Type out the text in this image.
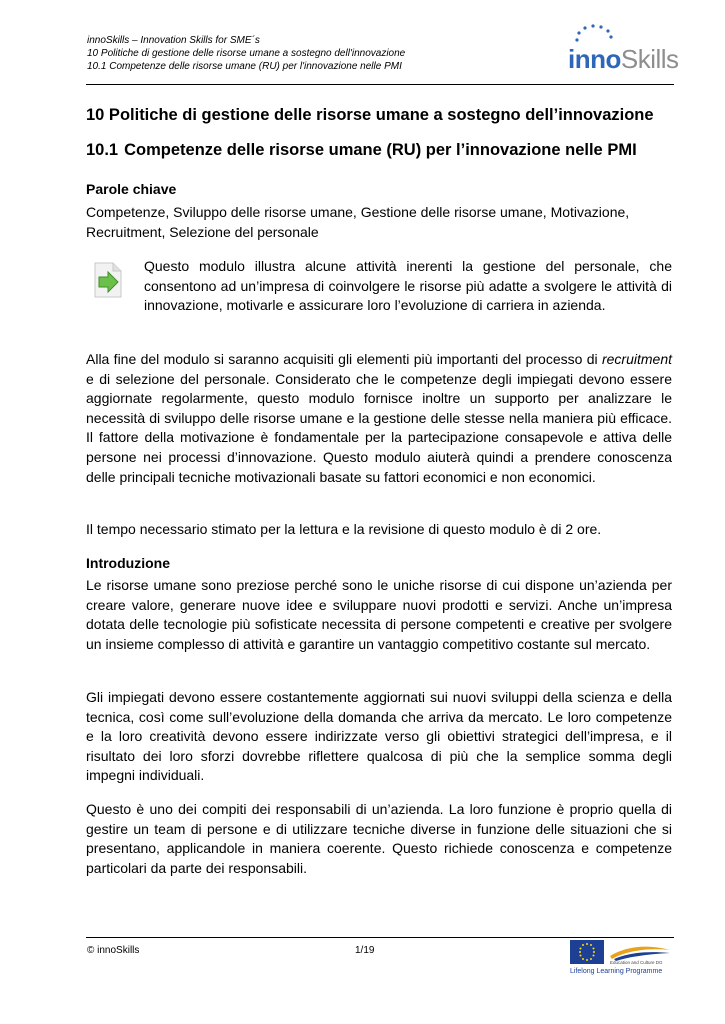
innoSkills – Innovation Skills for SME´s
10 Politiche di gestione delle risorse umane a sostegno dell'innovazione
10.1 Competenze delle risorse umane (RU) per l'innovazione nelle PMI	innoSkills
10 Politiche di gestione delle risorse umane a sostegno dell’innovazione
10.1 Competenze delle risorse umane (RU) per l’innovazione nelle PMI
Parole chiave
Competenze, Sviluppo delle risorse umane, Gestione delle risorse umane, Motivazione, Recruitment, Selezione del personale
Questo modulo illustra alcune attività inerenti la gestione del personale, che consentono ad un’impresa di coinvolgere le risorse più adatte a svolgere le attività di innovazione, motivarle e assicurare loro l’evoluzione di carriera in azienda.
Alla fine del modulo si saranno acquisiti gli elementi più importanti del processo di recruitment e di selezione del personale. Considerato che le competenze degli impiegati devono essere aggiornate regolarmente, questo modulo fornisce inoltre un supporto per analizzare le necessità di sviluppo delle risorse umane e la gestione delle stesse nella maniera più efficace. Il fattore della motivazione è fondamentale per la partecipazione consapevole e attiva delle persone nei processi d’innovazione. Questo modulo aiuterà quindi a prendere conoscenza delle principali tecniche motivazionali basate su fattori economici e non economici.
Il tempo necessario stimato per la lettura e la revisione di questo modulo è di 2 ore.
Introduzione
Le risorse umane sono preziose perché sono le uniche risorse di cui dispone un’azienda per creare valore, generare nuove idee e sviluppare nuovi prodotti e servizi. Anche un’impresa dotata delle tecnologie più sofisticate necessita di persone competenti e creative per svolgere un insieme complesso di attività e garantire un vantaggio competitivo costante sul mercato.
Gli impiegati devono essere costantemente aggiornati sui nuovi sviluppi della scienza e della tecnica, così come sull’evoluzione della domanda che arriva da mercato. Le loro competenze e la loro creatività devono essere indirizzate verso gli obiettivi strategici dell’impresa, e il risultato dei loro sforzi dovrebbe riflettere qualcosa di più che la semplice somma degli impegni individuali.
Questo è uno dei compiti dei responsabili di un’azienda. La loro funzione è proprio quella di gestire un team di persone e di utilizzare tecniche diverse in funzione delle situazioni che si presentano, applicandole in maniera coerente. Questo richiede conoscenza e competenze particolari da parte dei responsabili.
© innoSkills	1/19
Education and Culture DG
Lifelong Learning Programme
